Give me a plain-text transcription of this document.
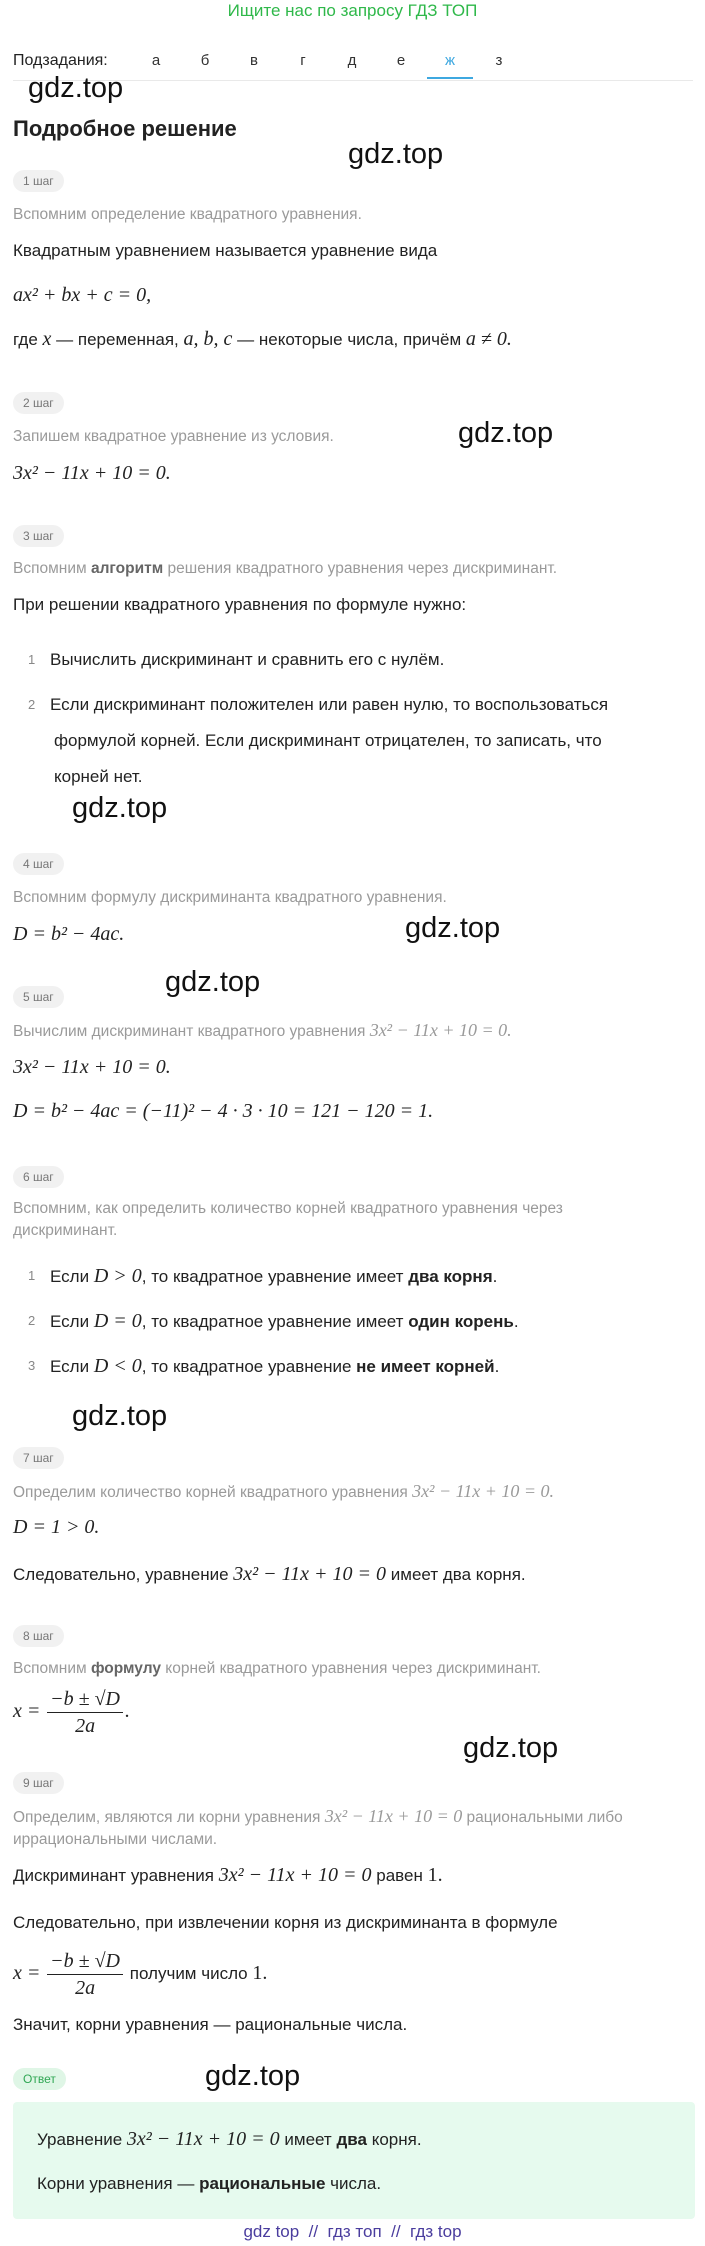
Ищите нас по запросу ГДЗ ТОП
Подзадания:	а	б	в	г	д	е	ж	з
gdz.top
gdz.top
gdz.top
gdz.top
gdz.top
gdz.top
gdz.top
gdz.top
gdz.top
Подробное решение
1 шаг
Вспомним определение квадратного уравнения.
Квадратным уравнением называется уравнение вида
ax² + bx + c = 0,
где x — переменная, a, b, c — некоторые числа, причём a ≠ 0.
2 шаг
Запишем квадратное уравнение из условия.
3x² − 11x + 10 = 0.
3 шаг
Вспомним алгоритм решения квадратного уравнения через дискриминант.
При решении квадратного уравнения по формуле нужно:
1 Вычислить дискриминант и сравнить его с нулём.
2 Если дискриминант положителен или равен нулю, то воспользоваться
формулой корней. Если дискриминант отрицателен, то записать, что
корней нет.
4 шаг
Вспомним формулу дискриминанта квадратного уравнения.
D = b² − 4ac.
5 шаг
Вычислим дискриминант квадратного уравнения 3x² − 11x + 10 = 0.
3x² − 11x + 10 = 0.
D = b² − 4ac = (−11)² − 4 · 3 · 10 = 121 − 120 = 1.
6 шаг
Вспомним, как определить количество корней квадратного уравнения через
дискриминант.
1 Если D > 0, то квадратное уравнение имеет два корня.
2 Если D = 0, то квадратное уравнение имеет один корень.
3 Если D < 0, то квадратное уравнение не имеет корней.
7 шаг
Определим количество корней квадратного уравнения 3x² − 11x + 10 = 0.
D = 1 > 0.
Следовательно, уравнение 3x² − 11x + 10 = 0 имеет два корня.
8 шаг
Вспомним формулу корней квадратного уравнения через дискриминант.
$x = \frac{-b \pm √D}{2a}$ .
9 шаг
Определим, являются ли корни уравнения 3x² − 11x + 10 = 0 рациональными либо
иррациональными числами.
Дискриминант уравнения 3x² − 11x + 10 = 0 равен 1.
Следовательно, при извлечении корня из дискриминанта в формуле
$x = \frac{-b \pm √D}{2a}$ получим число 1.
Значит, корни уравнения — рациональные числа.
Ответ
Уравнение 3x² − 11x + 10 = 0 имеет два корня.
Корни уравнения — рациональные числа.
gdz top  //  гдз топ  //  гдз top
